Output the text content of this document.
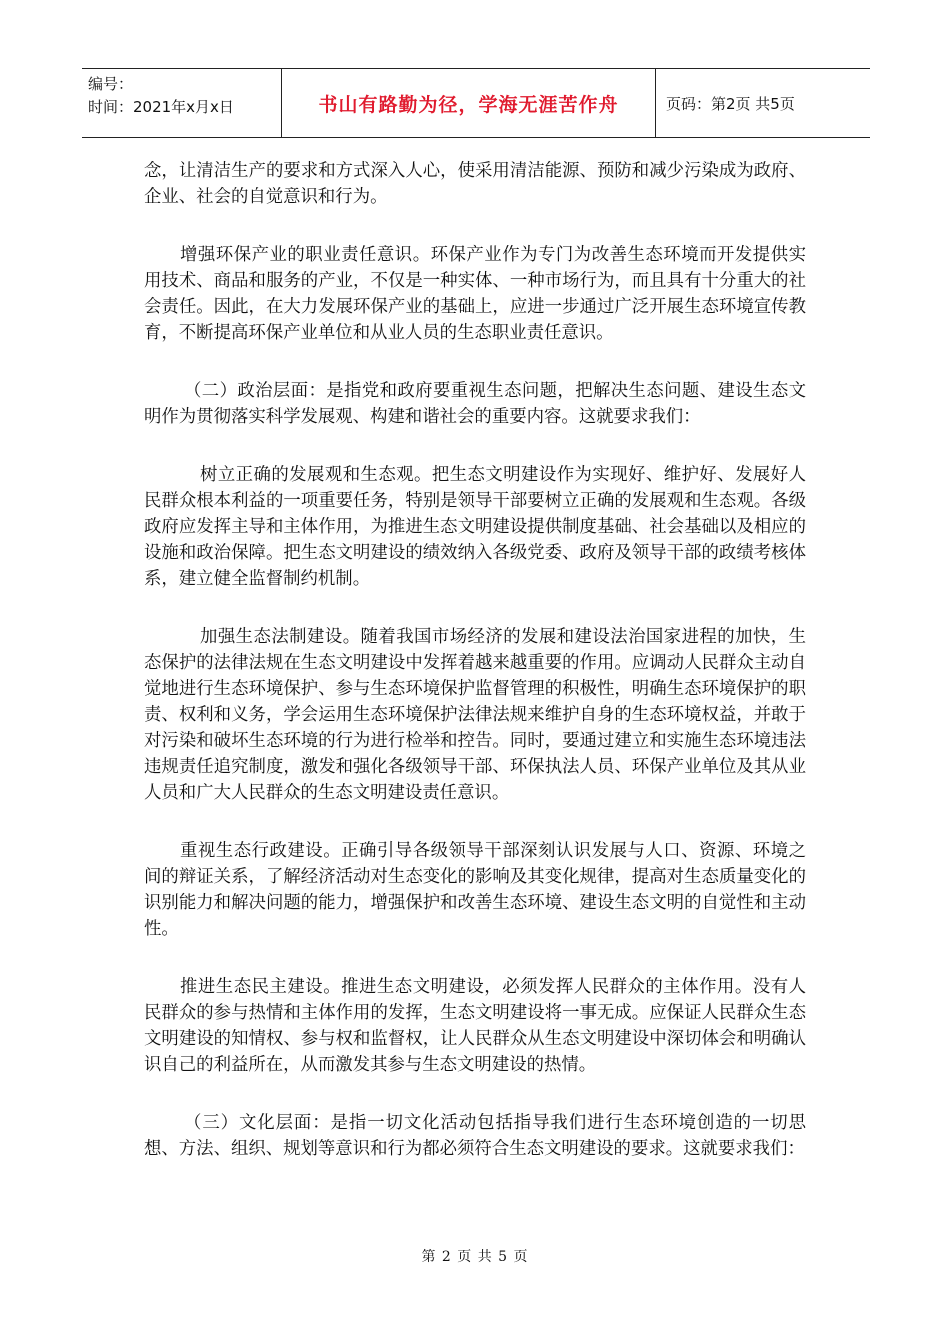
编号：
时间：2021年x月x日	书山有路勤为径，学海无涯苦作舟	页码：第2页 共5页

念，让清洁生产的要求和方式深入人心，使采用清洁能源、预防和减少污染成为政府、企业、社会的自觉意识和行为。

增强环保产业的职业责任意识。环保产业作为专门为改善生态环境而开发提供实用技术、商品和服务的产业，不仅是一种实体、一种市场行为，而且具有十分重大的社会责任。因此，在大力发展环保产业的基础上，应进一步通过广泛开展生态环境宣传教育，不断提高环保产业单位和从业人员的生态职业责任意识。

（二）政治层面：是指党和政府要重视生态问题，把解决生态问题、建设生态文明作为贯彻落实科学发展观、构建和谐社会的重要内容。这就要求我们：

树立正确的发展观和生态观。把生态文明建设作为实现好、维护好、发展好人民群众根本利益的一项重要任务，特别是领导干部要树立正确的发展观和生态观。各级政府应发挥主导和主体作用，为推进生态文明建设提供制度基础、社会基础以及相应的设施和政治保障。把生态文明建设的绩效纳入各级党委、政府及领导干部的政绩考核体系，建立健全监督制约机制。

加强生态法制建设。随着我国市场经济的发展和建设法治国家进程的加快，生态保护的法律法规在生态文明建设中发挥着越来越重要的作用。应调动人民群众主动自觉地进行生态环境保护、参与生态环境保护监督管理的积极性，明确生态环境保护的职责、权利和义务，学会运用生态环境保护法律法规来维护自身的生态环境权益，并敢于对污染和破坏生态环境的行为进行检举和控告。同时，要通过建立和实施生态环境违法违规责任追究制度，激发和强化各级领导干部、环保执法人员、环保产业单位及其从业人员和广大人民群众的生态文明建设责任意识。

重视生态行政建设。正确引导各级领导干部深刻认识发展与人口、资源、环境之间的辩证关系，了解经济活动对生态变化的影响及其变化规律，提高对生态质量变化的识别能力和解决问题的能力，增强保护和改善生态环境、建设生态文明的自觉性和主动性。

推进生态民主建设。推进生态文明建设，必须发挥人民群众的主体作用。没有人民群众的参与热情和主体作用的发挥，生态文明建设将一事无成。应保证人民群众生态文明建设的知情权、参与权和监督权，让人民群众从生态文明建设中深切体会和明确认识自己的利益所在，从而激发其参与生态文明建设的热情。

（三）文化层面：是指一切文化活动包括指导我们进行生态环境创造的一切思想、方法、组织、规划等意识和行为都必须符合生态文明建设的要求。这就要求我们：

第 2 页 共 5 页
